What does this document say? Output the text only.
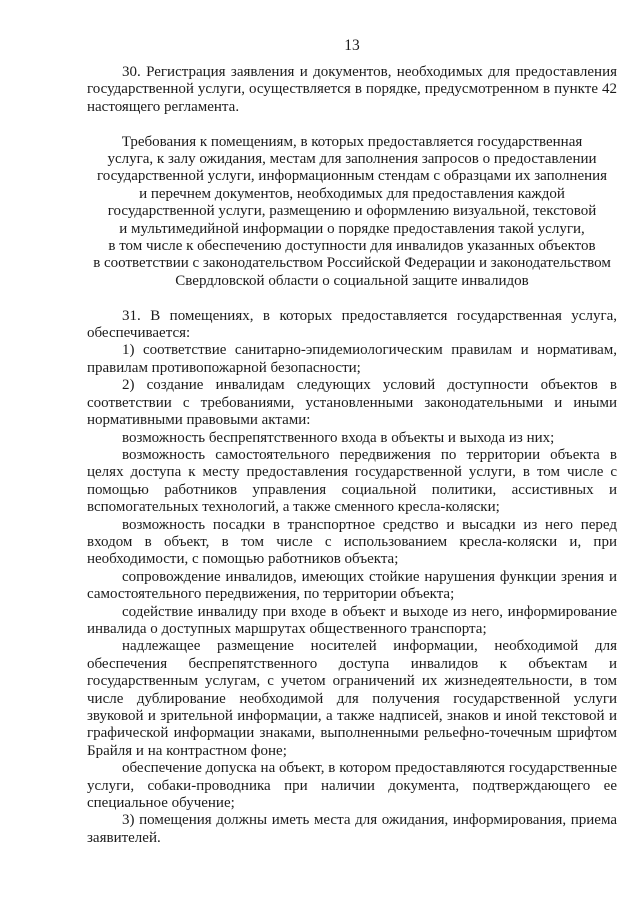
13

30. Регистрация заявления и документов, необходимых для предоставления государственной услуги, осуществляется в порядке, предусмотренном в пункте 42 настоящего регламента.

Требования к помещениям, в которых предоставляется государственная
услуга, к залу ожидания, местам для заполнения запросов о предоставлении
государственной услуги, информационным стендам с образцами их заполнения
и перечнем документов, необходимых для предоставления каждой
государственной услуги, размещению и оформлению визуальной, текстовой
и мультимедийной информации о порядке предоставления такой услуги,
в том числе к обеспечению доступности для инвалидов указанных объектов
в соответствии с законодательством Российской Федерации и законодательством
Свердловской области о социальной защите инвалидов

31. В помещениях, в которых предоставляется государственная услуга, обеспечивается:

1) соответствие санитарно-эпидемиологическим правилам и нормативам, правилам противопожарной безопасности;

2) создание инвалидам следующих условий доступности объектов в соответствии с требованиями, установленными законодательными и иными нормативными правовыми актами:

возможность беспрепятственного входа в объекты и выхода из них;

возможность самостоятельного передвижения по территории объекта в целях доступа к месту предоставления государственной услуги, в том числе с помощью работников управления социальной политики, ассистивных и вспомогательных технологий, а также сменного кресла-коляски;

возможность посадки в транспортное средство и высадки из него перед входом в объект, в том числе с использованием кресла-коляски и, при необходимости, с помощью работников объекта;

сопровождение инвалидов, имеющих стойкие нарушения функции зрения и самостоятельного передвижения, по территории объекта;

содействие инвалиду при входе в объект и выходе из него, информирование инвалида о доступных маршрутах общественного транспорта;

надлежащее размещение носителей информации, необходимой для обеспечения беспрепятственного доступа инвалидов к объектам и государственным услугам, с учетом ограничений их жизнедеятельности, в том числе дублирование необходимой для получения государственной услуги звуковой и зрительной информации, а также надписей, знаков и иной текстовой и графической информации знаками, выполненными рельефно-точечным шрифтом Брайля и на контрастном фоне;

обеспечение допуска на объект, в котором предоставляются государственные услуги, собаки-проводника при наличии документа, подтверждающего ее специальное обучение;

3) помещения должны иметь места для ожидания, информирования, приема заявителей.
